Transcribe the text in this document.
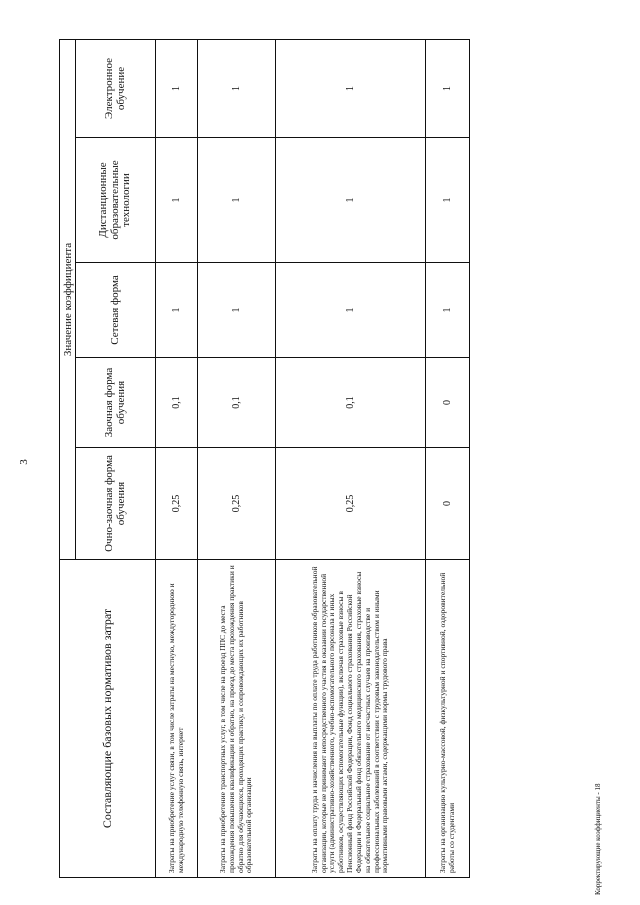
3
Составляющие базовых нормативов затрат	Значение коэффициента				
	Очно-заочная форма обучения	Заочная форма обучения	Сетевая форма	Дистанционные образовательные технологии	Электронное обучение
Затраты на приобретение услуг связи, в том числе затраты на местную, междугороднюю и международную телефонную связь, интернет	0,25	0,1	1	1	1
Затраты на приобретение транспортных услуг, в том числе на проезд ППС до места прохождения повышения квалификации и обратно, на проезд до места прохождения практики и обратно для обучающихся, проходящих практику, и сопровождающих их работников образовательной организации	0,25	0,1	1	1	1
Затраты на оплату труда и начисления на выплаты по оплате труда работников образовательной организации, которые не принимают непосредственного участия в оказании государственной услуги (административно-хозяйственного, учебно-вспомогательного персонала и иных работников, осуществляющих вспомогательные функции), включая страховые взносы в Пенсионный фонд Российской Федерации, Фонд социального страхования Российской Федерации и Федеральный фонд обязательного медицинского страхования, страховые взносы на обязательное социальное страхование от несчастных случаев на производстве и профессиональных заболеваний в соответствии с трудовым законодательством и иными нормативными правовыми актами, содержащими нормы трудового права	0,25	0,1	1	1	1
Затраты на организацию культурно-массовой, физкультурной и спортивной, оздоровительной работы со студентами	0	0	1	1	1
Корректирующие коэффициенты - 18
